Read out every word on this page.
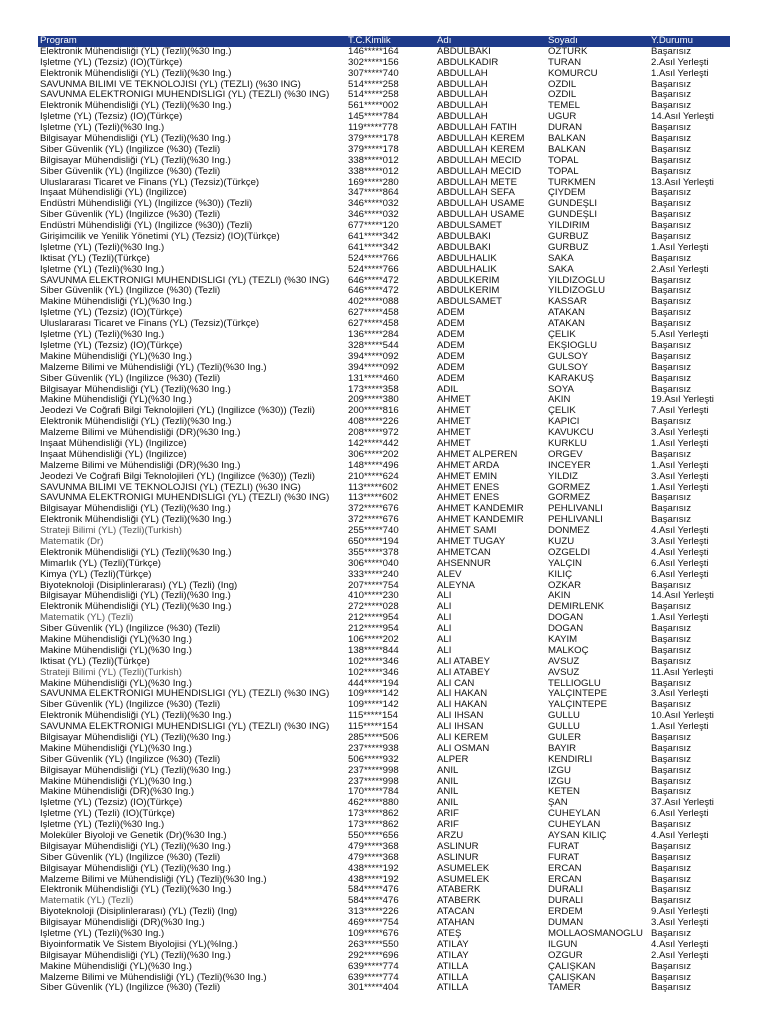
Program	T.C.Kimlik	Adı	Soyadı	Y.Durumu
Elektronik Mühendisliği (YL) (Tezli)(%30 İng.)	146*****164	ABDULBAKİ	ÖZTÜRK	Başarısız
İşletme (YL) (Tezsiz) (İÖ)(Türkçe)	302*****156	ABDULKADİR	TURAN	2.Asıl Yerleşti
Elektronik Mühendisliği (YL) (Tezli)(%30 İng.)	307*****740	ABDULLAH	KÖMÜRCÜ	1.Asıl Yerleşti
SAVUNMA BİLİMİ VE TEKNOLOJİSİ (YL) (TEZLİ) (%30 İNG)	514*****258	ABDULLAH	ÖZDİL	Başarısız
SAVUNMA ELEKTRONİĞİ MÜHENDİSLİĞİ (YL) (TEZLİ) (%30 İNG)	514*****258	ABDULLAH	ÖZDİL	Başarısız
Elektronik Mühendisliği (YL) (Tezli)(%30 İng.)	561*****002	ABDULLAH	TEMEL	Başarısız
İşletme (YL) (Tezsiz) (İÖ)(Türkçe)	145*****784	ABDULLAH	UĞUR	14.Asıl Yerleşti
İşletme (YL) (Tezli)(%30 İng.)	119*****778	ABDULLAH FATİH	DURAN	Başarısız
Bilgisayar Mühendisliği (YL) (Tezli)(%30 İng.)	379*****178	ABDULLAH KEREM	BALKAN	Başarısız
Siber Güvenlik (YL) (İngilizce (%30) (Tezli)	379*****178	ABDULLAH KEREM	BALKAN	Başarısız
Bilgisayar Mühendisliği (YL) (Tezli)(%30 İng.)	338*****012	ABDULLAH MECİD	TOPAL	Başarısız
Siber Güvenlik (YL) (İngilizce (%30) (Tezli)	338*****012	ABDULLAH MECİD	TOPAL	Başarısız
Uluslararası Ticaret ve Finans (YL) (Tezsiz)(Türkçe)	169*****280	ABDULLAH METE	TÜRKMEN	13.Asıl Yerleşti
İnşaat Mühendisliği (YL) (İngilizce)	347*****864	ABDULLAH SEFA	ÇİYDEM	Başarısız
Endüstri Mühendisliği (YL) (İngilizce (%30)) (Tezli)	346*****032	ABDULLAH USAME	GÜNDEŞLİ	Başarısız
Siber Güvenlik (YL) (İngilizce (%30) (Tezli)	346*****032	ABDULLAH USAME	GÜNDEŞLİ	Başarısız
Endüstri Mühendisliği (YL) (İngilizce (%30)) (Tezli)	677*****120	ABDULSAMET	YILDIRIM	Başarısız
Girişimcilik ve Yenilik Yönetimi (YL) (Tezsiz) (İÖ)(Türkçe)	641*****342	ABDÜLBAKİ	GÜRBÜZ	Başarısız
İşletme (YL) (Tezli)(%30 İng.)	641*****342	ABDÜLBAKİ	GÜRBÜZ	1.Asıl Yerleşti
İktisat (YL) (Tezli)(Türkçe)	524*****766	ABDÜLHALİK	SAKA	Başarısız
İşletme (YL) (Tezli)(%30 İng.)	524*****766	ABDÜLHALİK	SAKA	2.Asıl Yerleşti
SAVUNMA ELEKTRONİĞİ MÜHENDİSLİĞİ (YL) (TEZLİ) (%30 İNG)	646*****472	ABDÜLKERİM	YILDIZOĞLU	Başarısız
Siber Güvenlik (YL) (İngilizce (%30) (Tezli)	646*****472	ABDÜLKERİM	YILDIZOĞLU	Başarısız
Makine Mühendisliği (YL)(%30 İng.)	402*****088	ABDÜLSAMET	KASSAR	Başarısız
İşletme (YL) (Tezsiz) (İÖ)(Türkçe)	627*****458	ADEM	ATAKAN	Başarısız
Uluslararası Ticaret ve Finans (YL) (Tezsiz)(Türkçe)	627*****458	ADEM	ATAKAN	Başarısız
İşletme (YL) (Tezli)(%30 İng.)	136*****284	ADEM	ÇELİK	5.Asıl Yerleşti
İşletme (YL) (Tezsiz) (İÖ)(Türkçe)	328*****544	ADEM	EKŞİOĞLU	Başarısız
Makine Mühendisliği (YL)(%30 İng.)	394*****092	ADEM	GÜLSOY	Başarısız
Malzeme Bilimi ve Mühendisliği (YL) (Tezli)(%30 İng.)	394*****092	ADEM	GÜLSOY	Başarısız
Siber Güvenlik (YL) (İngilizce (%30) (Tezli)	131*****460	ADEM	KARAKUŞ	Başarısız
Bilgisayar Mühendisliği (YL) (Tezli)(%30 İng.)	173*****358	ADİL	SOYA	Başarısız
Makine Mühendisliği (YL)(%30 İng.)	209*****380	AHMET	AKIN	19.Asıl Yerleşti
Jeodezi Ve Coğrafi Bilgi Teknolojileri (YL) (İngilizce (%30)) (Tezli)	200*****816	AHMET	ÇELİK	7.Asıl Yerleşti
Elektronik Mühendisliği (YL) (Tezli)(%30 İng.)	408*****226	AHMET	KAPICI	Başarısız
Malzeme Bilimi ve Mühendisliği (DR)(%30 İng.)	208*****972	AHMET	KAVUKCU	3.Asıl Yerleşti
İnşaat Mühendisliği (YL) (İngilizce)	142*****442	AHMET	KÜRKLÜ	1.Asıl Yerleşti
İnşaat Mühendisliği (YL) (İngilizce)	306*****202	AHMET ALPEREN	ÖRGEV	Başarısız
Malzeme Bilimi ve Mühendisliği (DR)(%30 İng.)	148*****496	AHMET ARDA	İNCEYER	1.Asıl Yerleşti
Jeodezi Ve Coğrafi Bilgi Teknolojileri (YL) (İngilizce (%30)) (Tezli)	210*****624	AHMET EMİN	YILDIZ	3.Asıl Yerleşti
SAVUNMA BİLİMİ VE TEKNOLOJİSİ (YL) (TEZLİ) (%30 İNG)	113*****602	AHMET ENES	GÖRMEZ	1.Asıl Yerleşti
SAVUNMA ELEKTRONİĞİ MÜHENDİSLİĞİ (YL) (TEZLİ) (%30 İNG)	113*****602	AHMET ENES	GÖRMEZ	Başarısız
Bilgisayar Mühendisliği (YL) (Tezli)(%30 İng.)	372*****676	AHMET KANDEMİR	PEHLİVANLI	Başarısız
Elektronik Mühendisliği (YL) (Tezli)(%30 İng.)	372*****676	AHMET KANDEMİR	PEHLİVANLI	Başarısız
Strateji Bilimi (YL) (Tezli)(Turkish)	255*****740	AHMET SAMİ	DÖNMEZ	4.Asıl Yerleşti
Matematik (Dr)	650*****194	AHMET TUGAY	KUZU	3.Asıl Yerleşti
Elektronik Mühendisliği (YL) (Tezli)(%30 İng.)	355*****378	AHMETCAN	ÖZGELDİ	4.Asıl Yerleşti
Mimarlık (YL) (Tezli)(Türkçe)	306*****040	AHSENNUR	YALÇIN	6.Asıl Yerleşti
Kimya (YL) (Tezli)(Türkçe)	333*****240	ALEV	KILIÇ	6.Asıl Yerleşti
Biyoteknoloji (Disiplinlerarası) (YL) (Tezli) (İng)	207*****754	ALEYNA	ÖZKAR	Başarısız
Bilgisayar Mühendisliği (YL) (Tezli)(%30 İng.)	410*****230	ALİ	AKIN	14.Asıl Yerleşti
Elektronik Mühendisliği (YL) (Tezli)(%30 İng.)	272*****028	ALİ	DEMİRLENK	Başarısız
Matematik (YL) (Tezli)	212*****954	ALİ	DOĞAN	1.Asıl Yerleşti
Siber Güvenlik (YL) (İngilizce (%30) (Tezli)	212*****954	ALİ	DOĞAN	Başarısız
Makine Mühendisliği (YL)(%30 İng.)	106*****202	ALİ	KAYIM	Başarısız
Makine Mühendisliği (YL)(%30 İng.)	138*****844	ALİ	MALKOÇ	Başarısız
İktisat (YL) (Tezli)(Türkçe)	102*****346	ALİ ATABEY	AVSUZ	Başarısız
Strateji Bilimi (YL) (Tezli)(Turkish)	102*****346	ALİ ATABEY	AVSUZ	11.Asıl Yerleşti
Makine Mühendisliği (YL)(%30 İng.)	444*****194	ALİ CAN	TELLİOĞLU	Başarısız
SAVUNMA ELEKTRONİĞİ MÜHENDİSLİĞİ (YL) (TEZLİ) (%30 İNG)	109*****142	ALİ HAKAN	YALÇINTEPE	3.Asıl Yerleşti
Siber Güvenlik (YL) (İngilizce (%30) (Tezli)	109*****142	ALİ HAKAN	YALÇINTEPE	Başarısız
Elektronik Mühendisliği (YL) (Tezli)(%30 İng.)	115*****154	ALİ İHSAN	GÜLLÜ	10.Asıl Yerleşti
SAVUNMA ELEKTRONİĞİ MÜHENDİSLİĞİ (YL) (TEZLİ) (%30 İNG)	115*****154	ALİ İHSAN	GÜLLÜ	1.Asıl Yerleşti
Bilgisayar Mühendisliği (YL) (Tezli)(%30 İng.)	285*****506	ALİ KEREM	GÜLER	Başarısız
Makine Mühendisliği (YL)(%30 İng.)	237*****938	ALİ OSMAN	BAYIR	Başarısız
Siber Güvenlik (YL) (İngilizce (%30) (Tezli)	506*****932	ALPER	KENDİRLİ	Başarısız
Bilgisayar Mühendisliği (YL) (Tezli)(%30 İng.)	237*****998	ANIL	İZGÜ	Başarısız
Makine Mühendisliği (YL)(%30 İng.)	237*****998	ANIL	İZGÜ	Başarısız
Makine Mühendisliği (DR)(%30 İng.)	170*****784	ANIL	KETEN	Başarısız
İşletme (YL) (Tezsiz) (İÖ)(Türkçe)	462*****880	ANIL	ŞAN	37.Asıl Yerleşti
İşletme (YL) (Tezli) (İÖ)(Türkçe)	173*****862	ARİF	CÜHEYLAN	6.Asıl Yerleşti
İşletme (YL) (Tezli)(%30 İng.)	173*****862	ARİF	CÜHEYLAN	Başarısız
Moleküler Biyoloji ve Genetik (Dr)(%30 İng.)	550*****656	ARZU	AYSAN KILIÇ	4.Asıl Yerleşti
Bilgisayar Mühendisliği (YL) (Tezli)(%30 İng.)	479*****368	ASLINUR	FURAT	Başarısız
Siber Güvenlik (YL) (İngilizce (%30) (Tezli)	479*****368	ASLINUR	FURAT	Başarısız
Bilgisayar Mühendisliği (YL) (Tezli)(%30 İng.)	438*****192	ASUMELEK	ERCAN	Başarısız
Malzeme Bilimi ve Mühendisliği (YL) (Tezli)(%30 İng.)	438*****192	ASUMELEK	ERCAN	Başarısız
Elektronik Mühendisliği (YL) (Tezli)(%30 İng.)	584*****476	ATABERK	DURALİ	Başarısız
Matematik (YL) (Tezli)	584*****476	ATABERK	DURALİ	Başarısız
Biyoteknoloji (Disiplinlerarası) (YL) (Tezli) (İng)	313*****226	ATACAN	ERDEM	9.Asıl Yerleşti
Bilgisayar Mühendisliği (DR)(%30 İng.)	469*****754	ATAHAN	DUMAN	3.Asıl Yerleşti
İşletme (YL) (Tezli)(%30 İng.)	109*****676	ATEŞ	MOLLAOSMANOĞLU Başarısız
Biyoinformatik Ve Sistem Biyolojisi (YL)(%İng.)	263*****550	ATILAY	İLGÜN	4.Asıl Yerleşti
Bilgisayar Mühendisliği (YL) (Tezli)(%30 İng.)	292*****696	ATILAY	ÖZGÜR	2.Asıl Yerleşti
Makine Mühendisliği (YL)(%30 İng.)	639*****774	ATİLLA	ÇALIŞKAN	Başarısız
Malzeme Bilimi ve Mühendisliği (YL) (Tezli)(%30 İng.)	639*****774	ATİLLA	ÇALIŞKAN	Başarısız
Siber Güvenlik (YL) (İngilizce (%30) (Tezli)	301*****404	ATİLLA	TAMER	Başarısız
